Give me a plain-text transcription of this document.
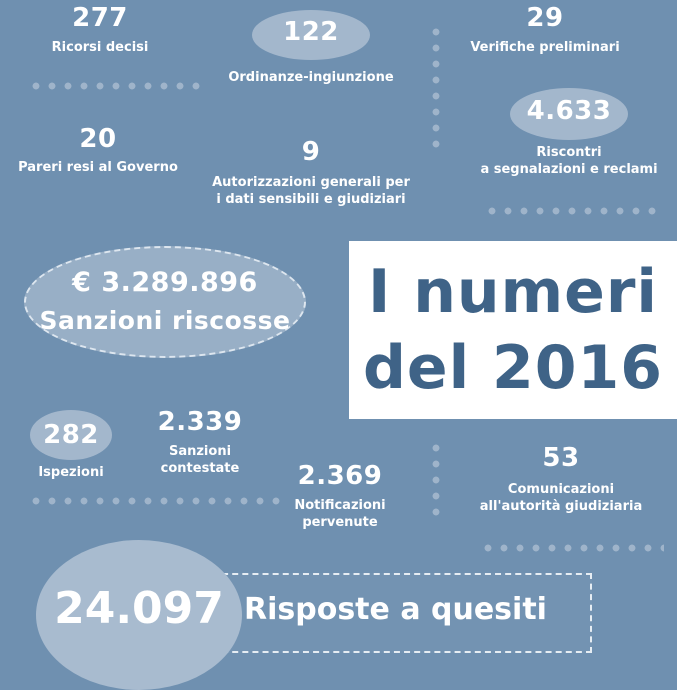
277
Ricorsi decisi
122
Ordinanze-ingiunzione
29
Verifiche preliminari
4.633
Riscontri
a segnalazioni e reclami
20
Pareri resi al Governo
9
Autorizzazioni generali per
i dati sensibili e giudiziari
€ 3.289.896
Sanzioni riscosse	I numeri
del 2016
282
Ispezioni
2.339
Sanzioni
contestate	2.369
Notificazioni
pervenute
53
Comunicazioni
all'autorità giudiziaria
24.097 Risposte a quesiti
